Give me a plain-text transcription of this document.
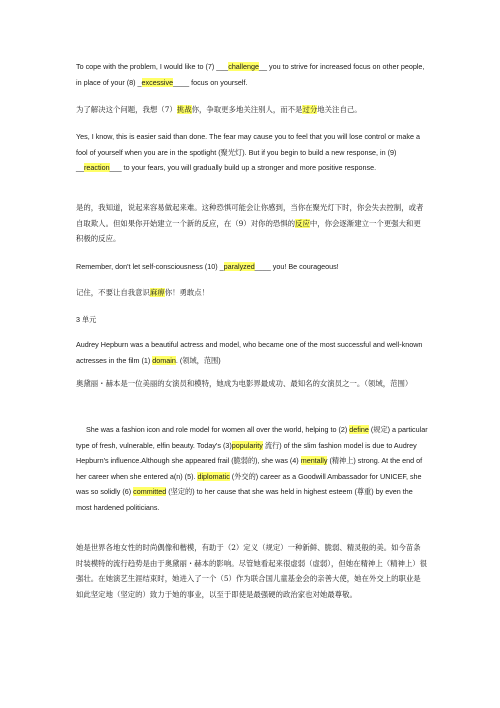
To cope with the problem, I would like to (7) ___challenge__ you to strive for increased focus on other people, in place of your (8) _excessive____ focus on yourself.

为了解决这个问题，我想（7）挑战你，争取更多地关注别人，而不是过分地关注自己。

Yes, I know, this is easier said than done. The fear may cause you to feel that you will lose control or make a fool of yourself when you are in the spotlight (聚光灯). But if you begin to build a new response, in (9) __reaction___ to your fears, you will gradually build up a stronger and more positive response.

是的，我知道，说起来容易做起来难。这种恐惧可能会让你感到，当你在聚光灯下时，你会失去控制，或者自取欺人。但如果你开始建立一个新的反应，在（9）对你的恐惧的反应中，你会逐渐建立一个更强大和更积极的反应。

Remember, don't let self-consciousness (10) _paralyzed____ you! Be courageous!

记住，不要让自我意识麻痹你！勇敢点！

3 单元

Audrey Hepburn was a beautiful actress and model, who became one of the most successful and well-known actresses in the film (1) domain. (领域，范围)

奥黛丽・赫本是一位美丽的女演员和模特，她成为电影界最成功、最知名的女演员之一。（领域，范围）

She was a fashion icon and role model for women all over the world, helping to (2) define (规定) a particular type of fresh, vulnerable, elfin beauty. Today's (3)popularity 流行) of the slim fashion model is due to Audrey Hepburn's influence.Although she appeared frail (脆弱的), she was (4) mentally (精神上) strong. At the end of her career when she entered a(n) (5). diplomatic (外交的) career as a Goodwill Ambassador for UNICEF, she was so solidly (6) committed (坚定的) to her cause that she was held in highest esteem (尊重) by even the most hardened politicians.

她是世界各地女性的时尚偶像和楷模，有助于（2）定义（规定）一种新鲜、脆弱、精灵般的美。如今苗条时装模特的流行趋势是由于奥黛丽・赫本的影响。尽管她看起来很虚弱（虚弱），但她在精神上（精神上）很强壮。在她演艺生涯结束时，她进入了一个（5）作为联合国儿童基金会的亲善大使，她在外交上的职业是如此坚定地（坚定的）致力于她的事业，以至于即使是最强硬的政治家也对她最尊敬。
